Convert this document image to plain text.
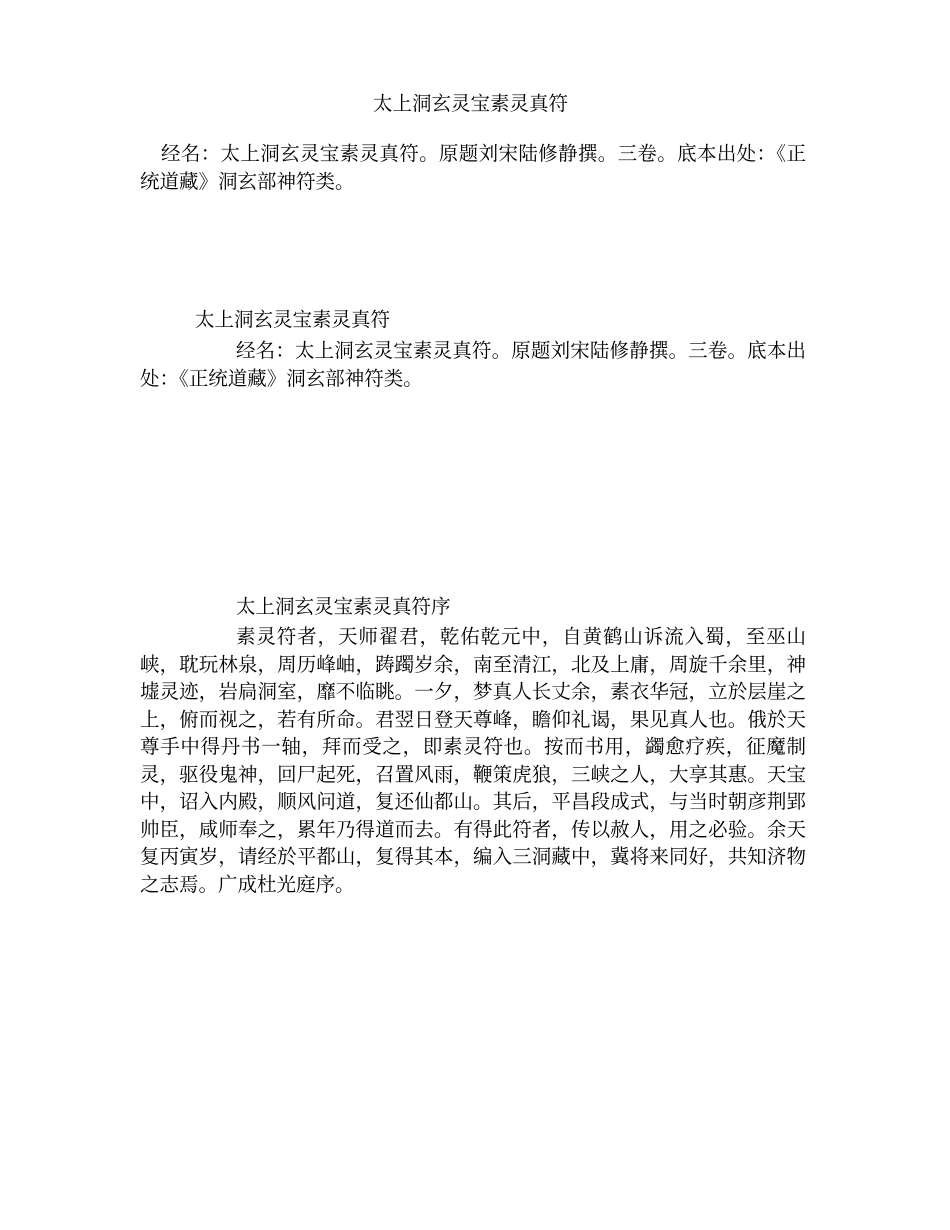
太上洞玄灵宝素灵真符

经名：太上洞玄灵宝素灵真符。原题刘宋陆修静撰。三卷。底本出处：《正统道藏》洞玄部神符类。

太上洞玄灵宝素灵真符

经名：太上洞玄灵宝素灵真符。原题刘宋陆修静撰。三卷。底本出处：《正统道藏》洞玄部神符类。

太上洞玄灵宝素灵真符序

素灵符者，天师翟君，乾佑乾元中，自黄鹤山诉流入蜀，至巫山峡，耽玩林泉，周历峰岫，踌躅岁余，南至清江，北及上庸，周旋千余里，神墟灵迹，岩扃洞室，靡不临眺。一夕，梦真人长丈余，素衣华冠，立於层崖之上，俯而视之，若有所命。君翌日登天尊峰，瞻仰礼谒，果见真人也。俄於天尊手中得丹书一轴，拜而受之，即素灵符也。按而书用，蠲愈疗疾，征魔制灵，驱役鬼神，回尸起死，召置风雨，鞭策虎狼，三峡之人，大享其惠。天宝中，诏入内殿，顺风问道，复还仙都山。其后，平昌段成式，与当时朝彦荆郢帅臣，咸师奉之，累年乃得道而去。有得此符者，传以赦人，用之必验。余天复丙寅岁，请经於平都山，复得其本，编入三洞藏中，冀将来同好，共知济物之志焉。广成杜光庭序。
